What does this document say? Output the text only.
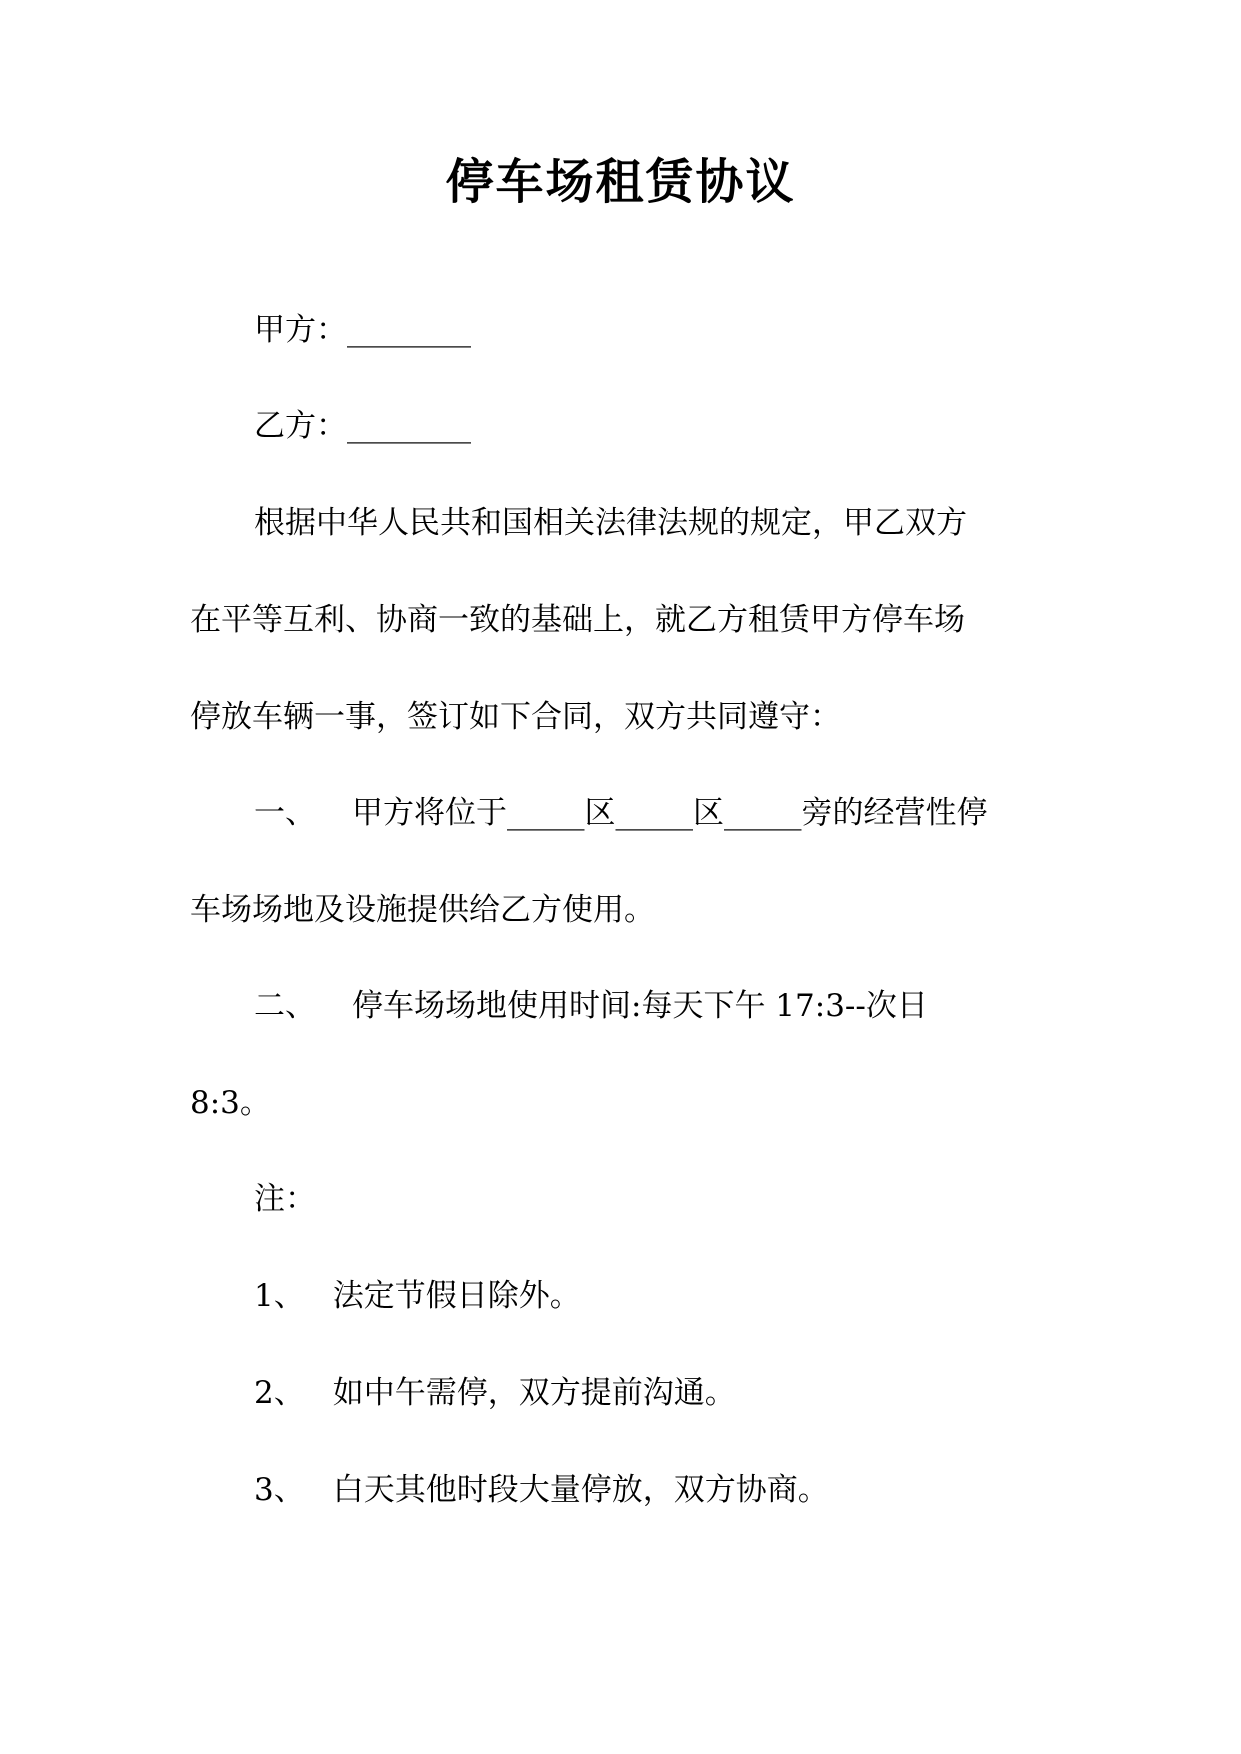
停车场租赁协议
甲方：________
乙方：________
根据中华人民共和国相关法律法规的规定，甲乙双方
在平等互利、协商一致的基础上，就乙方租赁甲方停车场
停放车辆一事，签订如下合同，双方共同遵守：
一、 甲方将位于_____区_____区_____旁的经营性停
车场场地及设施提供给乙方使用。
二、 停车场场地使用时间:每天下午 17:3--次日
8:3。
注：
1、 法定节假日除外。
2、 如中午需停，双方提前沟通。
3、 白天其他时段大量停放，双方协商。
